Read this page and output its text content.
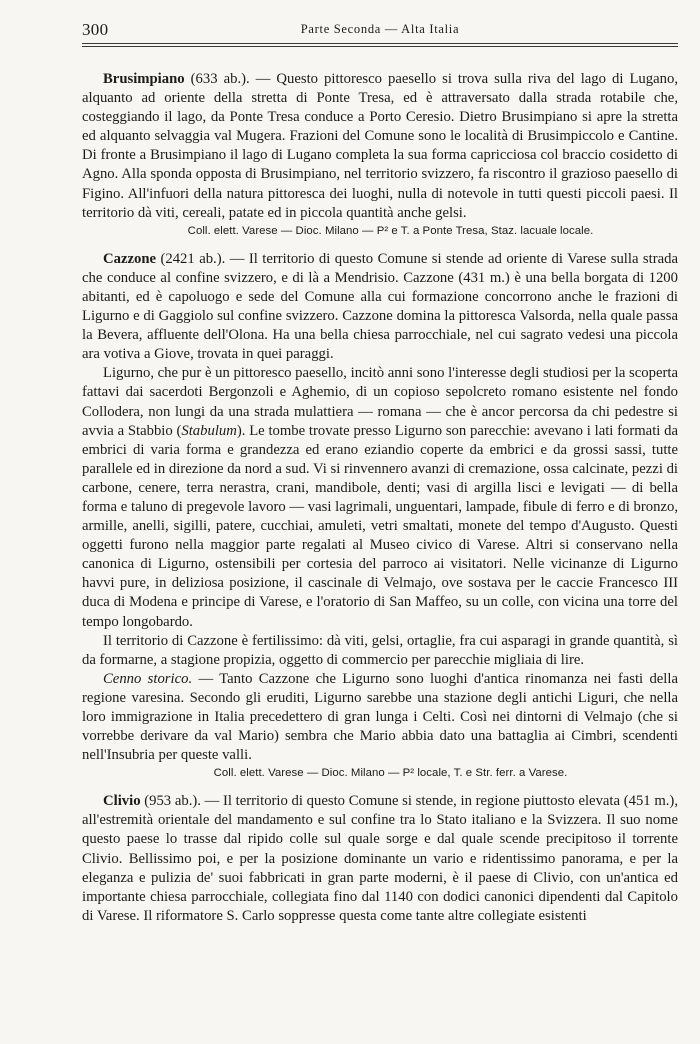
300	Parte Seconda — Alta Italia

Brusimpiano (633 ab.). — Questo pittoresco paesello si trova sulla riva del lago di Lugano, alquanto ad oriente della stretta di Ponte Tresa, ed è attraversato dalla strada rotabile che, costeggiando il lago, da Ponte Tresa conduce a Porto Ceresio. Dietro Brusimpiano si apre la stretta ed alquanto selvaggia val Mugera. Frazioni del Comune sono le località di Brusimpiccolo e Cantine. Di fronte a Brusimpiano il lago di Lugano completa la sua forma capricciosa col braccio cosidetto di Agno. Alla sponda opposta di Brusimpiano, nel territorio svizzero, fa riscontro il grazioso paesello di Figino. All'infuori della natura pittoresca dei luoghi, nulla di notevole in tutti questi piccoli paesi. Il territorio dà viti, cereali, patate ed in piccola quantità anche gelsi.

Coll. elett. Varese — Dioc. Milano — P² e T. a Ponte Tresa, Staz. lacuale locale.

Cazzone (2421 ab.). — Il territorio di questo Comune si stende ad oriente di Varese sulla strada che conduce al confine svizzero, e di là a Mendrisio. Cazzone (431 m.) è una bella borgata di 1200 abitanti, ed è capoluogo e sede del Comune alla cui formazione concorrono anche le frazioni di Ligurno e di Gaggiolo sul confine svizzero. Cazzone domina la pittoresca Valsorda, nella quale passa la Bevera, affluente dell'Olona. Ha una bella chiesa parrocchiale, nel cui sagrato vedesi una piccola ara votiva a Giove, trovata in quei paraggi.

Ligurno, che pur è un pittoresco paesello, incitò anni sono l'interesse degli studiosi per la scoperta fattavi dai sacerdoti Bergonzoli e Aghemio, di un copioso sepolcreto romano esistente nel fondo Collodera, non lungi da una strada mulattiera — romana — che è ancor percorsa da chi pedestre si avvia a Stabbio (Stabulum). Le tombe trovate presso Ligurno son parecchie: avevano i lati formati da embrici di varia forma e grandezza ed erano eziandio coperte da embrici e da grossi sassi, tutte parallele ed in direzione da nord a sud. Vi si rinvennero avanzi di cremazione, ossa calcinate, pezzi di carbone, cenere, terra nerastra, crani, mandibole, denti; vasi di argilla lisci e levigati — di bella forma e taluno di pregevole lavoro — vasi lagrimali, unguentari, lampade, fibule di ferro e di bronzo, armille, anelli, sigilli, patere, cucchiai, amuleti, vetri smaltati, monete del tempo d'Augusto. Questi oggetti furono nella maggior parte regalati al Museo civico di Varese. Altri si conservano nella canonica di Ligurno, ostensibili per cortesia del parroco ai visitatori. Nelle vicinanze di Ligurno havvi pure, in deliziosa posizione, il cascinale di Velmajo, ove sostava per le caccie Francesco III duca di Modena e principe di Varese, e l'oratorio di San Maffeo, su un colle, con vicina una torre del tempo longobardo.

Il territorio di Cazzone è fertilissimo: dà viti, gelsi, ortaglie, fra cui asparagi in grande quantità, sì da formarne, a stagione propizia, oggetto di commercio per parecchie migliaia di lire.

Cenno storico. — Tanto Cazzone che Ligurno sono luoghi d'antica rinomanza nei fasti della regione varesina. Secondo gli eruditi, Ligurno sarebbe una stazione degli antichi Liguri, che nella loro immigrazione in Italia precedettero di gran lunga i Celti. Così nei dintorni di Velmajo (che si vorrebbe derivare da val Mario) sembra che Mario abbia dato una battaglia ai Cimbri, scendenti nell'Insubria per queste valli.

Coll. elett. Varese — Dioc. Milano — P² locale, T. e Str. ferr. a Varese.

Clivio (953 ab.). — Il territorio di questo Comune si stende, in regione piuttosto elevata (451 m.), all'estremità orientale del mandamento e sul confine tra lo Stato italiano e la Svizzera. Il suo nome questo paese lo trasse dal ripido colle sul quale sorge e dal quale scende precipitoso il torrente Clivio. Bellissimo poi, e per la posizione dominante un vario e ridentissimo panorama, e per la eleganza e pulizia de' suoi fabbricati in gran parte moderni, è il paese di Clivio, con un'antica ed importante chiesa parrocchiale, collegiata fino dal 1140 con dodici canonici dipendenti dal Capitolo di Varese. Il riformatore S. Carlo soppresse questa come tante altre collegiate esistenti
